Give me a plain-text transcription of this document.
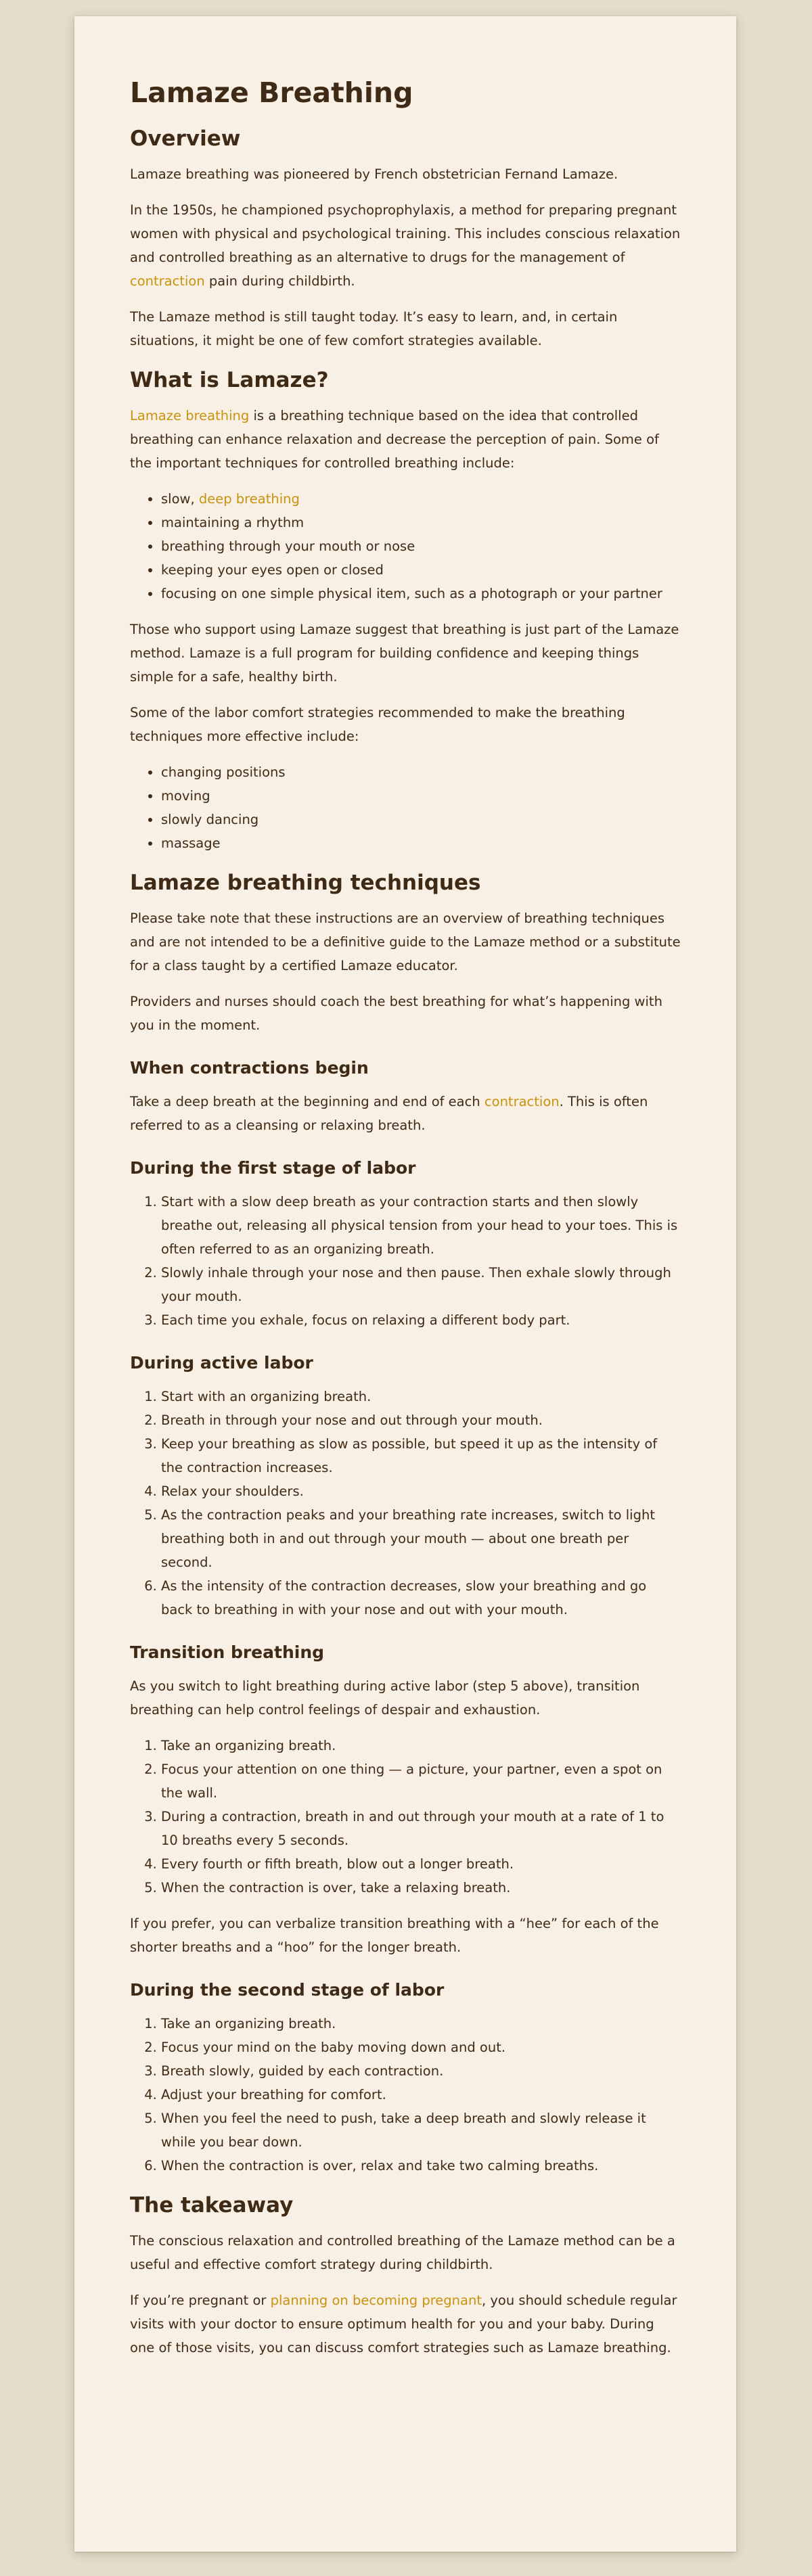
Lamaze Breathing
Overview

Lamaze breathing was pioneered by French obstetrician Fernand Lamaze.

In the 1950s, he championed psychoprophylaxis, a method for preparing pregnant women with physical and psychological training. This includes conscious relaxation and controlled breathing as an alternative to drugs for the management of contraction pain during childbirth.

The Lamaze method is still taught today. It’s easy to learn, and, in certain situations, it might be one of few comfort strategies available.

What is Lamaze?

Lamaze breathing is a breathing technique based on the idea that controlled breathing can enhance relaxation and decrease the perception of pain. Some of the important techniques for controlled breathing include:

• slow, deep breathing
• maintaining a rhythm
• breathing through your mouth or nose
• keeping your eyes open or closed
• focusing on one simple physical item, such as a photograph or your partner

Those who support using Lamaze suggest that breathing is just part of the Lamaze method. Lamaze is a full program for building confidence and keeping things simple for a safe, healthy birth.

Some of the labor comfort strategies recommended to make the breathing techniques more effective include:

• changing positions
• moving
• slowly dancing
• massage
Lamaze breathing techniques

Please take note that these instructions are an overview of breathing techniques and are not intended to be a definitive guide to the Lamaze method or a substitute for a class taught by a certified Lamaze educator.

Providers and nurses should coach the best breathing for what’s happening with you in the moment.

When contractions begin

Take a deep breath at the beginning and end of each contraction. This is often referred to as a cleansing or relaxing breath.

During the first stage of labor
1. Start with a slow deep breath as your contraction starts and then slowly breathe out, releasing all physical tension from your head to your toes. This is often referred to as an organizing breath.
2. Slowly inhale through your nose and then pause. Then exhale slowly through your mouth.
3. Each time you exhale, focus on relaxing a different body part.
During active labor
1. Start with an organizing breath.
2. Breath in through your nose and out through your mouth.
3. Keep your breathing as slow as possible, but speed it up as the intensity of the contraction increases.
4. Relax your shoulders.
5. As the contraction peaks and your breathing rate increases, switch to light breathing both in and out through your mouth — about one breath per second.
6. As the intensity of the contraction decreases, slow your breathing and go back to breathing in with your nose and out with your mouth.
Transition breathing

As you switch to light breathing during active labor (step 5 above), transition breathing can help control feelings of despair and exhaustion.

1. Take an organizing breath.
2. Focus your attention on one thing — a picture, your partner, even a spot on the wall.
3. During a contraction, breath in and out through your mouth at a rate of 1 to 10 breaths every 5 seconds.
4. Every fourth or fifth breath, blow out a longer breath.
5. When the contraction is over, take a relaxing breath.

If you prefer, you can verbalize transition breathing with a “hee” for each of the shorter breaths and a “hoo” for the longer breath.

During the second stage of labor
1. Take an organizing breath.
2. Focus your mind on the baby moving down and out.
3. Breath slowly, guided by each contraction.
4. Adjust your breathing for comfort.
5. When you feel the need to push, take a deep breath and slowly release it while you bear down.
6. When the contraction is over, relax and take two calming breaths.
The takeaway

The conscious relaxation and controlled breathing of the Lamaze method can be a useful and effective comfort strategy during childbirth.

If you’re pregnant or planning on becoming pregnant, you should schedule regular visits with your doctor to ensure optimum health for you and your baby. During one of those visits, you can discuss comfort strategies such as Lamaze breathing.
